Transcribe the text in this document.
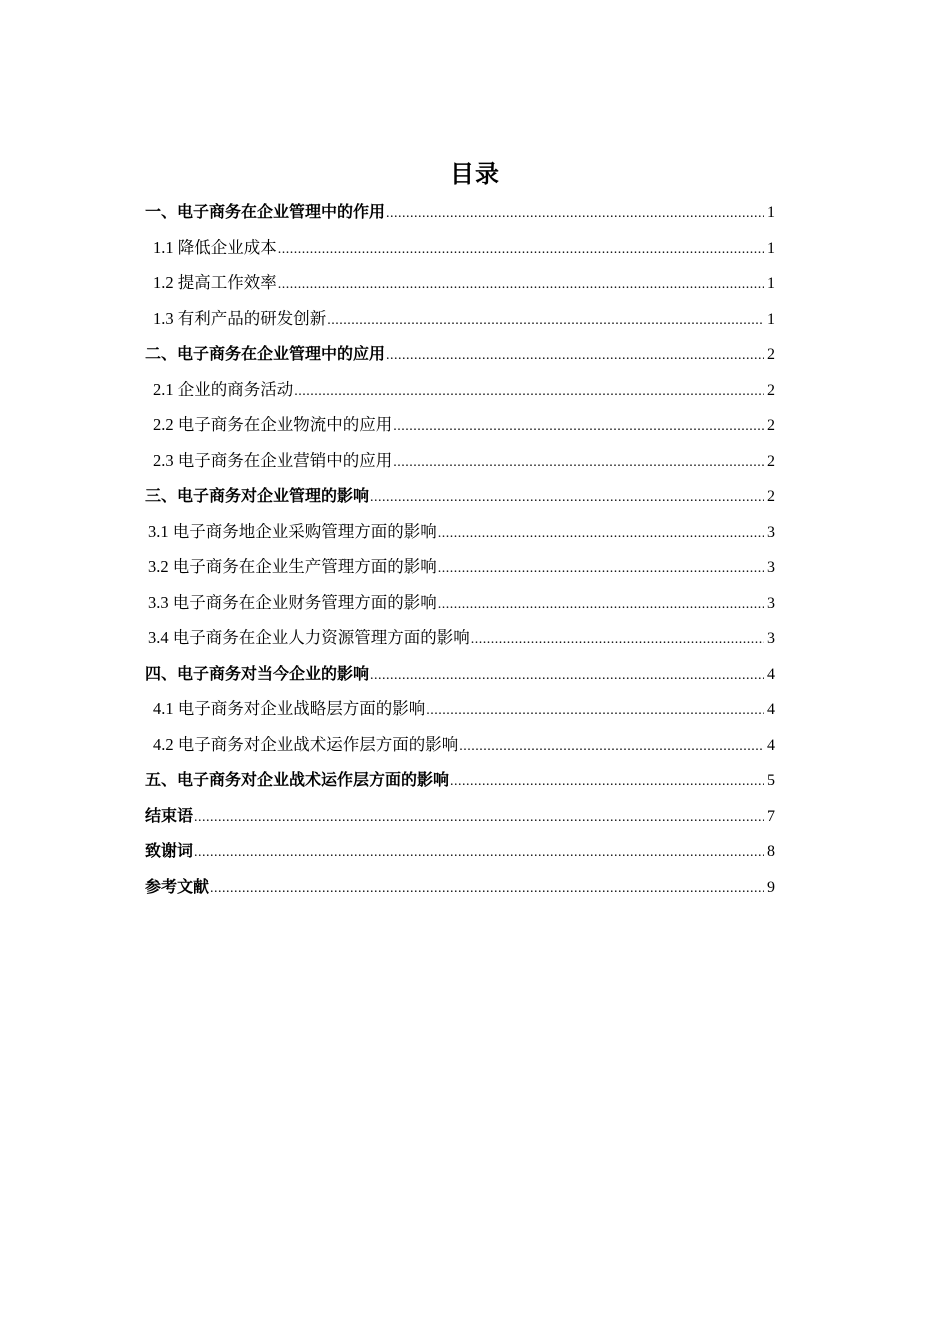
目录
一、电子商务在企业管理中的作用 .....	1
1.1 降低企业成本 .....	1
1.2 提高工作效率 .....	1
1.3 有利产品的研发创新 .....	1
二、电子商务在企业管理中的应用 .....	2
2.1 企业的商务活动 .....	2
2.2 电子商务在企业物流中的应用 .....	2
2.3 电子商务在企业营销中的应用 .....	2
三、电子商务对企业管理的影响 .....	2
3.1 电子商务地企业采购管理方面的影响 .....	3
3.2 电子商务在企业生产管理方面的影响 .....	3
3.3 电子商务在企业财务管理方面的影响 .....	3
3.4 电子商务在企业人力资源管理方面的影响 .....	3
四、电子商务对当今企业的影响 .....	4
4.1 电子商务对企业战略层方面的影响 .....	4
4.2 电子商务对企业战术运作层方面的影响 .....	4
五、电子商务对企业战术运作层方面的影响 .....	5
结束语 .....	7
致谢词 .....	8
参考文献 .....	9
